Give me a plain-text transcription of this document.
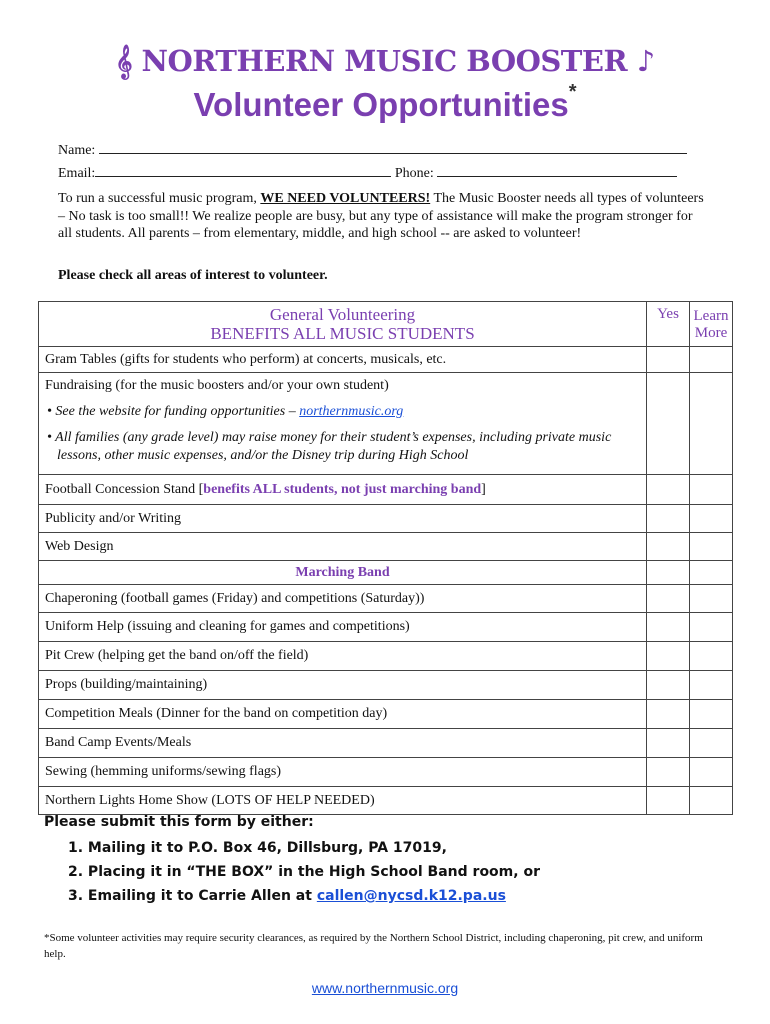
𝄞 NORTHERN MUSIC BOOSTER ♪
Volunteer Opportunities*
Name:
Email:	Phone:
To run a successful music program, WE NEED VOLUNTEERS! The Music Booster needs all types of volunteers – No task is too small!! We realize people are busy, but any type of assistance will make the program stronger for all students. All parents – from elementary, middle, and high school -- are asked to volunteer!
Please check all areas of interest to volunteer.
General Volunteering
BENEFITS ALL MUSIC STUDENTS	Yes	Learn
More
Gram Tables (gifts for students who perform) at concerts, musicals, etc.		
Fundraising (for the music boosters and/or your own student)
• See the website for funding opportunities – northernmusic.org
• All families (any grade level) may raise money for their student’s expenses, including private music lessons, other music expenses, and/or the Disney trip during High School		

Football Concession Stand [benefits ALL students, not just marching band]		
Publicity and/or Writing		
Web Design		
Marching Band		
Chaperoning (football games (Friday) and competitions (Saturday))		
Uniform Help (issuing and cleaning for games and competitions)		
Pit Crew (helping get the band on/off the field)		
Props (building/maintaining)		
Competition Meals (Dinner for the band on competition day)		
Band Camp Events/Meals		
Sewing (hemming uniforms/sewing flags)		
Northern Lights Home Show (LOTS OF HELP NEEDED)		
Please submit this form by either:
1. Mailing it to P.O. Box 46, Dillsburg, PA 17019,
2. Placing it in “THE BOX” in the High School Band room, or
3. Emailing it to Carrie Allen at callen@nycsd.k12.pa.us
*Some volunteer activities may require security clearances, as required by the Northern School District, including chaperoning, pit crew, and uniform help.
www.northernmusic.org
